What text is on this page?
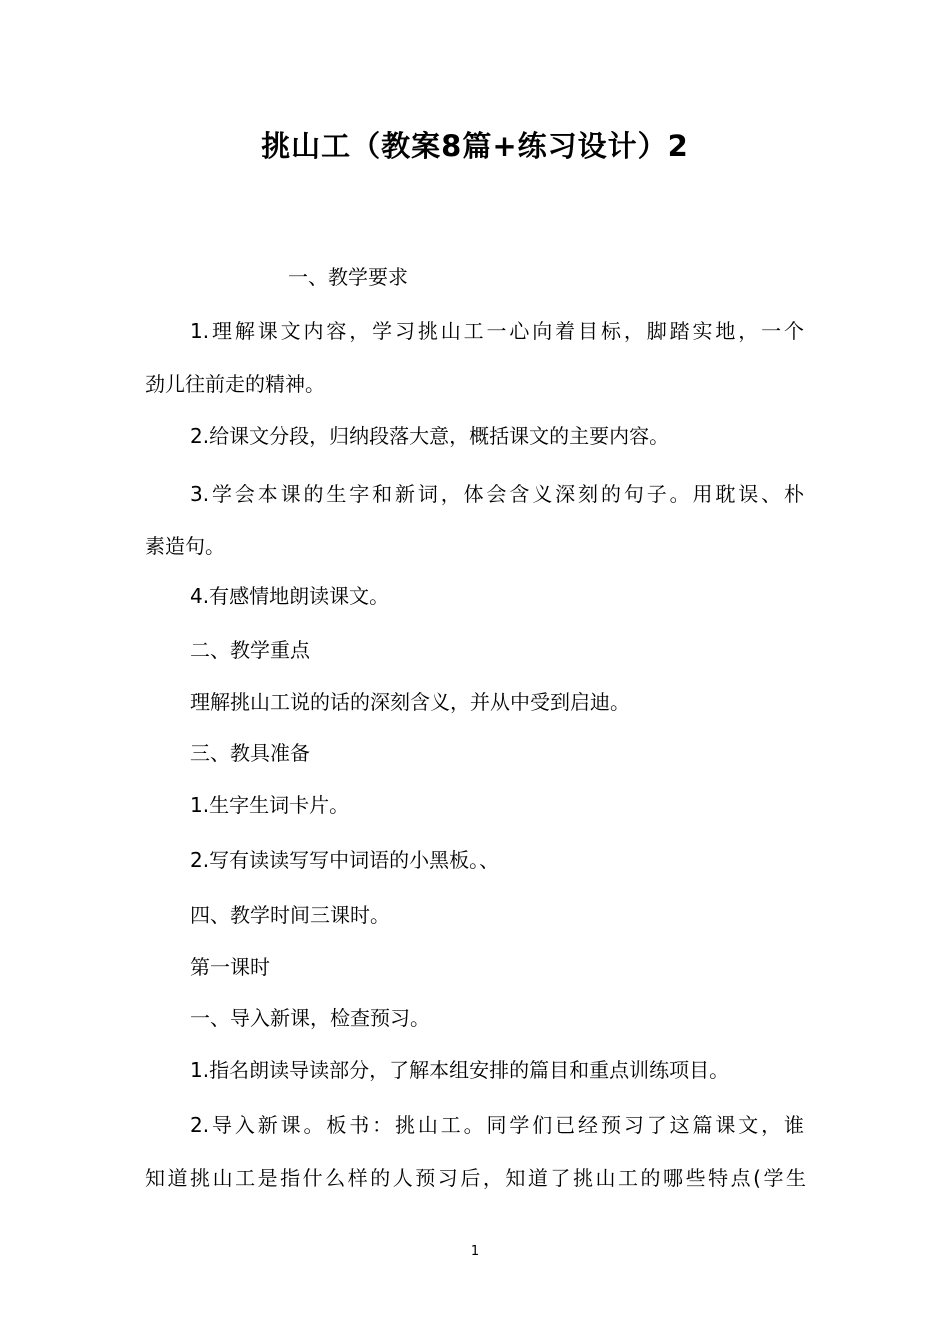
挑山工（教案8篇+练习设计）2

一、教学要求

1.理解课文内容，学习挑山工一心向着目标，脚踏实地，一个

劲儿往前走的精神。

2.给课文分段，归纳段落大意，概括课文的主要内容。

3.学会本课的生字和新词，体会含义深刻的句子。用耽误、朴

素造句。

4.有感情地朗读课文。

二、教学重点

理解挑山工说的话的深刻含义，并从中受到启迪。

三、教具准备

1.生字生词卡片。

2.写有读读写写中词语的小黑板。、

四、教学时间三课时。

第一课时

一、导入新课，检查预习。

1.指名朗读导读部分，了解本组安排的篇目和重点训练项目。

2.导入新课。板书：挑山工。同学们已经预习了这篇课文，谁

知道挑山工是指什么样的人预习后，知道了挑山工的哪些特点(学生

1
